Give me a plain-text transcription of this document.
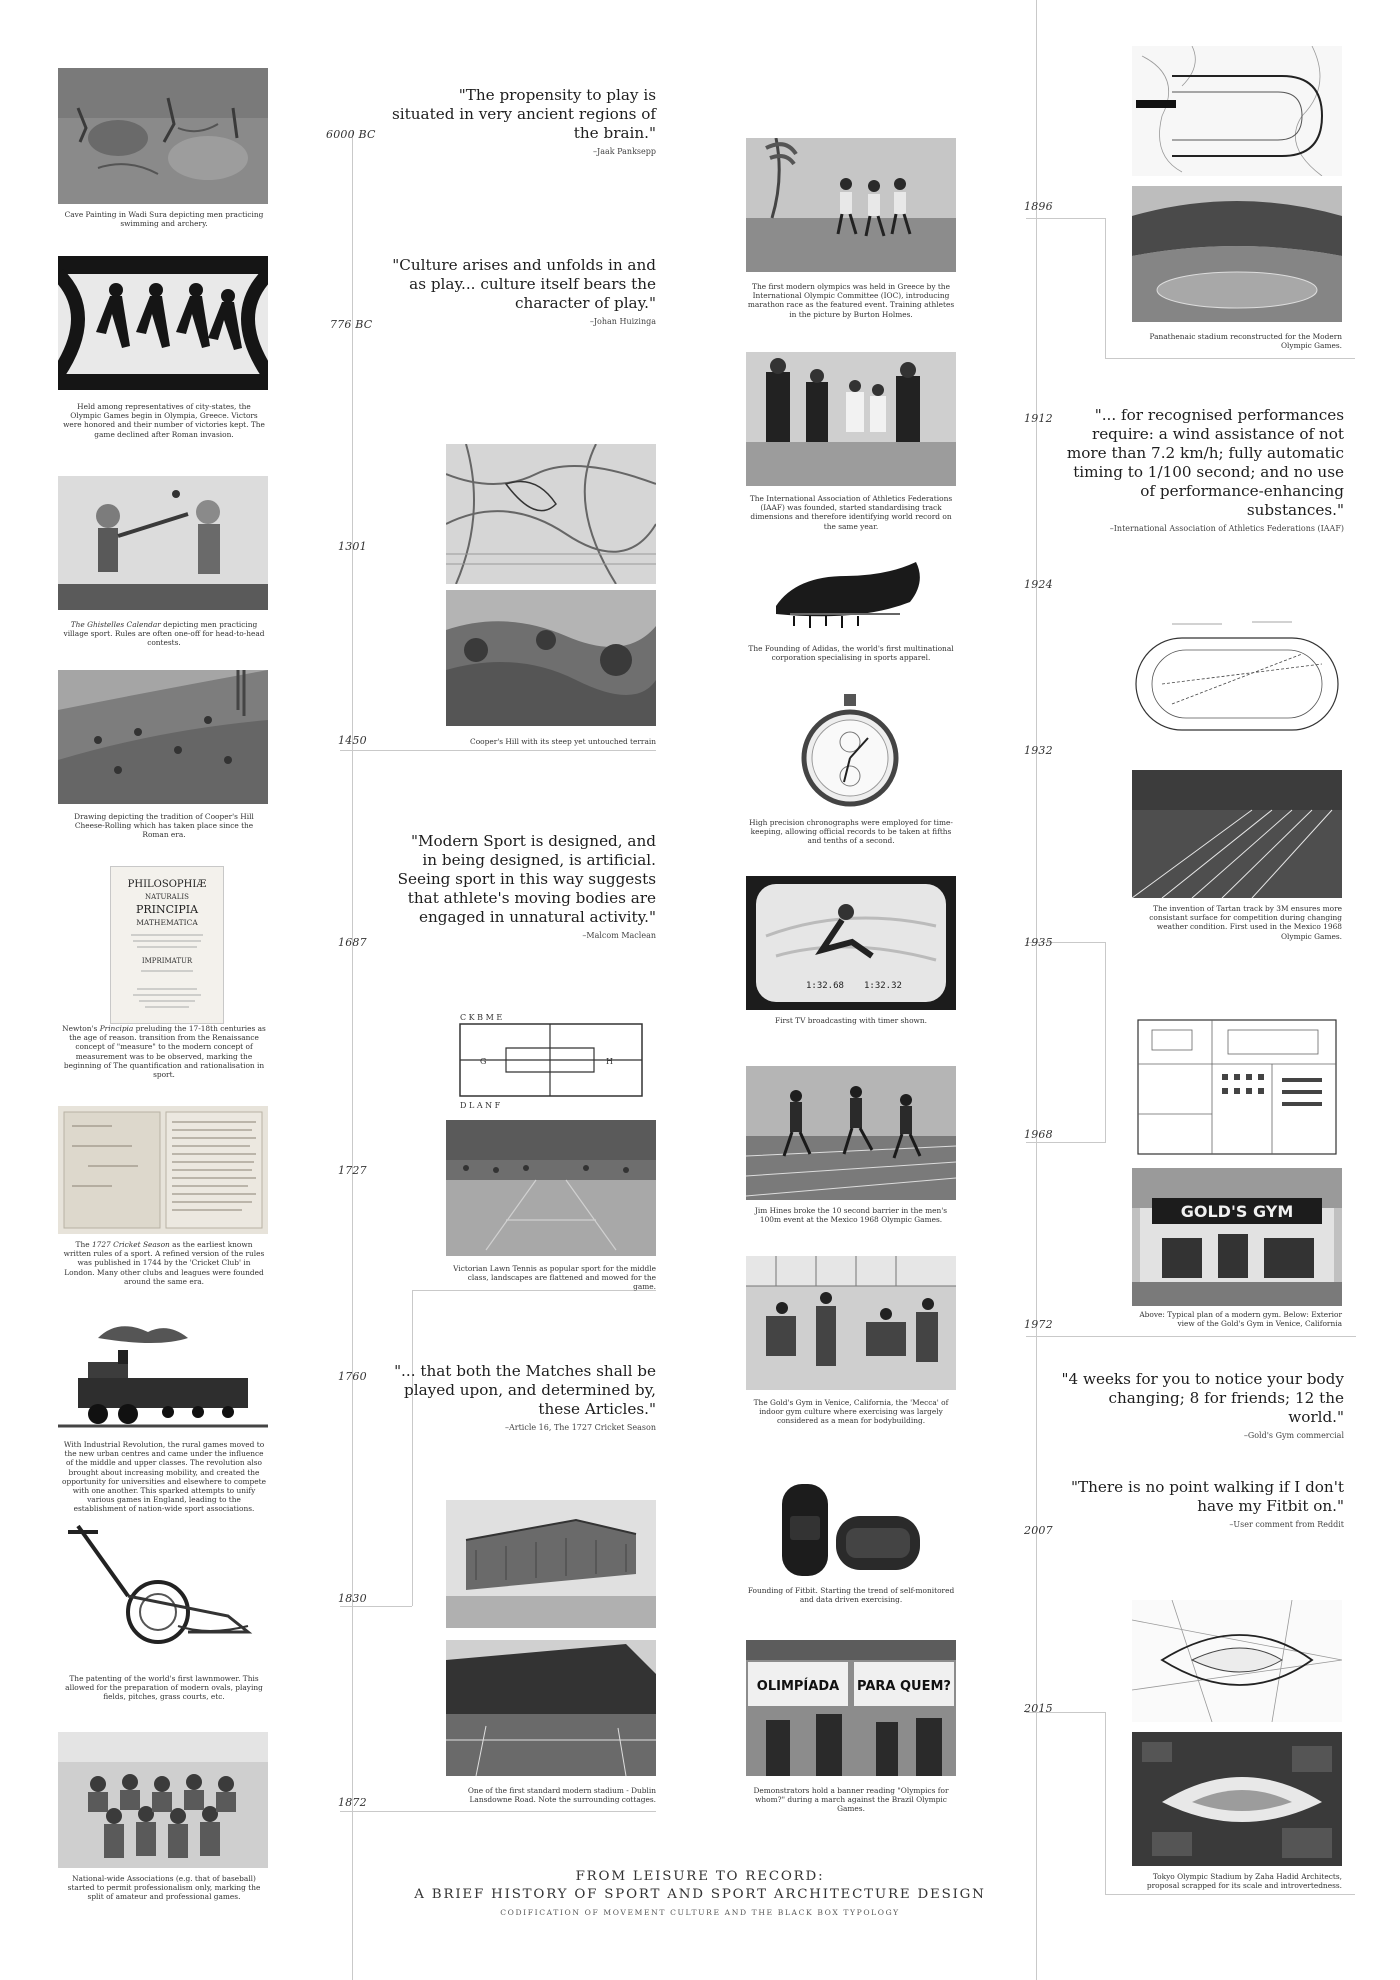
6000 BC
776 BC
1301
1450
1687
1727
1760
1830
1872
1896
1912
1924
1932
1935
1968
1972
2007
2015
Cave Painting in Wadi Sura depicting men practicing swimming and archery.
Held among representatives of city-states, the Olympic Games begin in Olympia, Greece. Victors were honored and their number of victories kept. The game declined after Roman invasion.
The Ghistelles Calendar depicting men practicing village sport. Rules are often one-off for head-to-head contests.
Drawing depicting the tradition of Cooper's Hill Cheese-Rolling which has taken place since the Roman era.
PHILOSOPHIÆ
NATURALIS
PRINCIPIA
MATHEMATICA
IMPRIMATUR
Newton's Principia preluding the 17-18th centuries as the age of reason. transition from the Renaissance concept of "measure" to the modern concept of measurement was to be observed, marking the beginning of The quantification and rationalisation in sport.
The 1727 Cricket Season as the earliest known written rules of a sport. A refined version of the rules was published in 1744 by the 'Cricket Club' in London. Many other clubs and leagues were founded around the same era.
With Industrial Revolution, the rural games moved to the new urban centres and came under the influence of the middle and upper classes. The revolution also brought about increasing mobility, and created the opportunity for universities and elsewhere to compete with one another. This sparked attempts to unify various games in England, leading to the establishment of nation-wide sport associations.
The patenting of the world's first lawnmower. This allowed for the preparation of modern ovals, playing fields, pitches, grass courts, etc.
National-wide Associations (e.g. that of baseball) started to permit professionalism only, marking the split of amateur and professional games.
"The propensity to play is situated in very ancient regions of the brain."
–Jaak Panksepp
"Culture arises and unfolds in and as play... culture itself bears the character of play."
–Johan Huizinga
Cooper's Hill with its steep yet untouched terrain
"Modern Sport is designed, and in being designed, is artificial. Seeing sport in this way suggests that athlete's moving bodies are engaged in unnatural activity."
–Malcom Maclean
C K B M E
D L A N F
G	H
Victorian Lawn Tennis as popular sport for the middle class, landscapes are flattened and mowed for the game.
"... that both the Matches shall be played upon, and determined by, these Articles."
–Article 16, The 1727 Cricket Season
One of the first standard modern stadium - Dublin Lansdowne Road. Note the surrounding cottages.
The first modern olympics was held in Greece by the International Olympic Committee (IOC), introducing marathon race as the featured event. Training athletes in the picture by Burton Holmes.
The International Association of Athletics Federations (IAAF) was founded, started standardising track dimensions and therefore identifying world record on the same year.
The Founding of Adidas, the world's first multinational corporation specialising in sports apparel.
High precision chronographs were employed for time-keeping, allowing official records to be taken at fifths and tenths of a second.
1:32.68 1:32.32
First TV broadcasting with timer shown.
Jim Hines broke the 10 second barrier in the men's 100m event at the Mexico 1968 Olympic Games.
The Gold's Gym in Venice, California, the 'Mecca' of indoor gym culture where exercising was largely considered as a mean for bodybuilding.
Founding of Fitbit. Starting the trend of self-monitored and data driven exercising.
OLIMPÍADA PARA QUEM?
Demonstrators hold a banner reading "Olympics for whom?" during a march against the Brazil Olympic Games.
Panathenaic stadium reconstructed for the Modern Olympic Games.
"... for recognised performances require: a wind assistance of not more than 7.2 km/h; fully automatic timing to 1/100 second; and no use of performance-enhancing substances."
–International Association of Athletics Federations (IAAF)
The invention of Tartan track by 3M ensures more consistant surface for competition during changing weather condition. First used in the Mexico 1968 Olympic Games.
GOLD'S GYM
Above: Typical plan of a modern gym. Below: Exterior view of the Gold's Gym in Venice, California
"4 weeks for you to notice your body changing; 8 for friends; 12 the world."
–Gold's Gym commercial
"There is no point walking if I don't have my Fitbit on."
–User comment from Reddit
Tokyo Olympic Stadium by Zaha Hadid Architects, proposal scrapped for its scale and introvertedness.
FROM LEISURE TO RECORD:
A BRIEF HISTORY OF SPORT AND SPORT ARCHITECTURE DESIGN
CODIFICATION OF MOVEMENT CULTURE AND THE BLACK BOX TYPOLOGY
